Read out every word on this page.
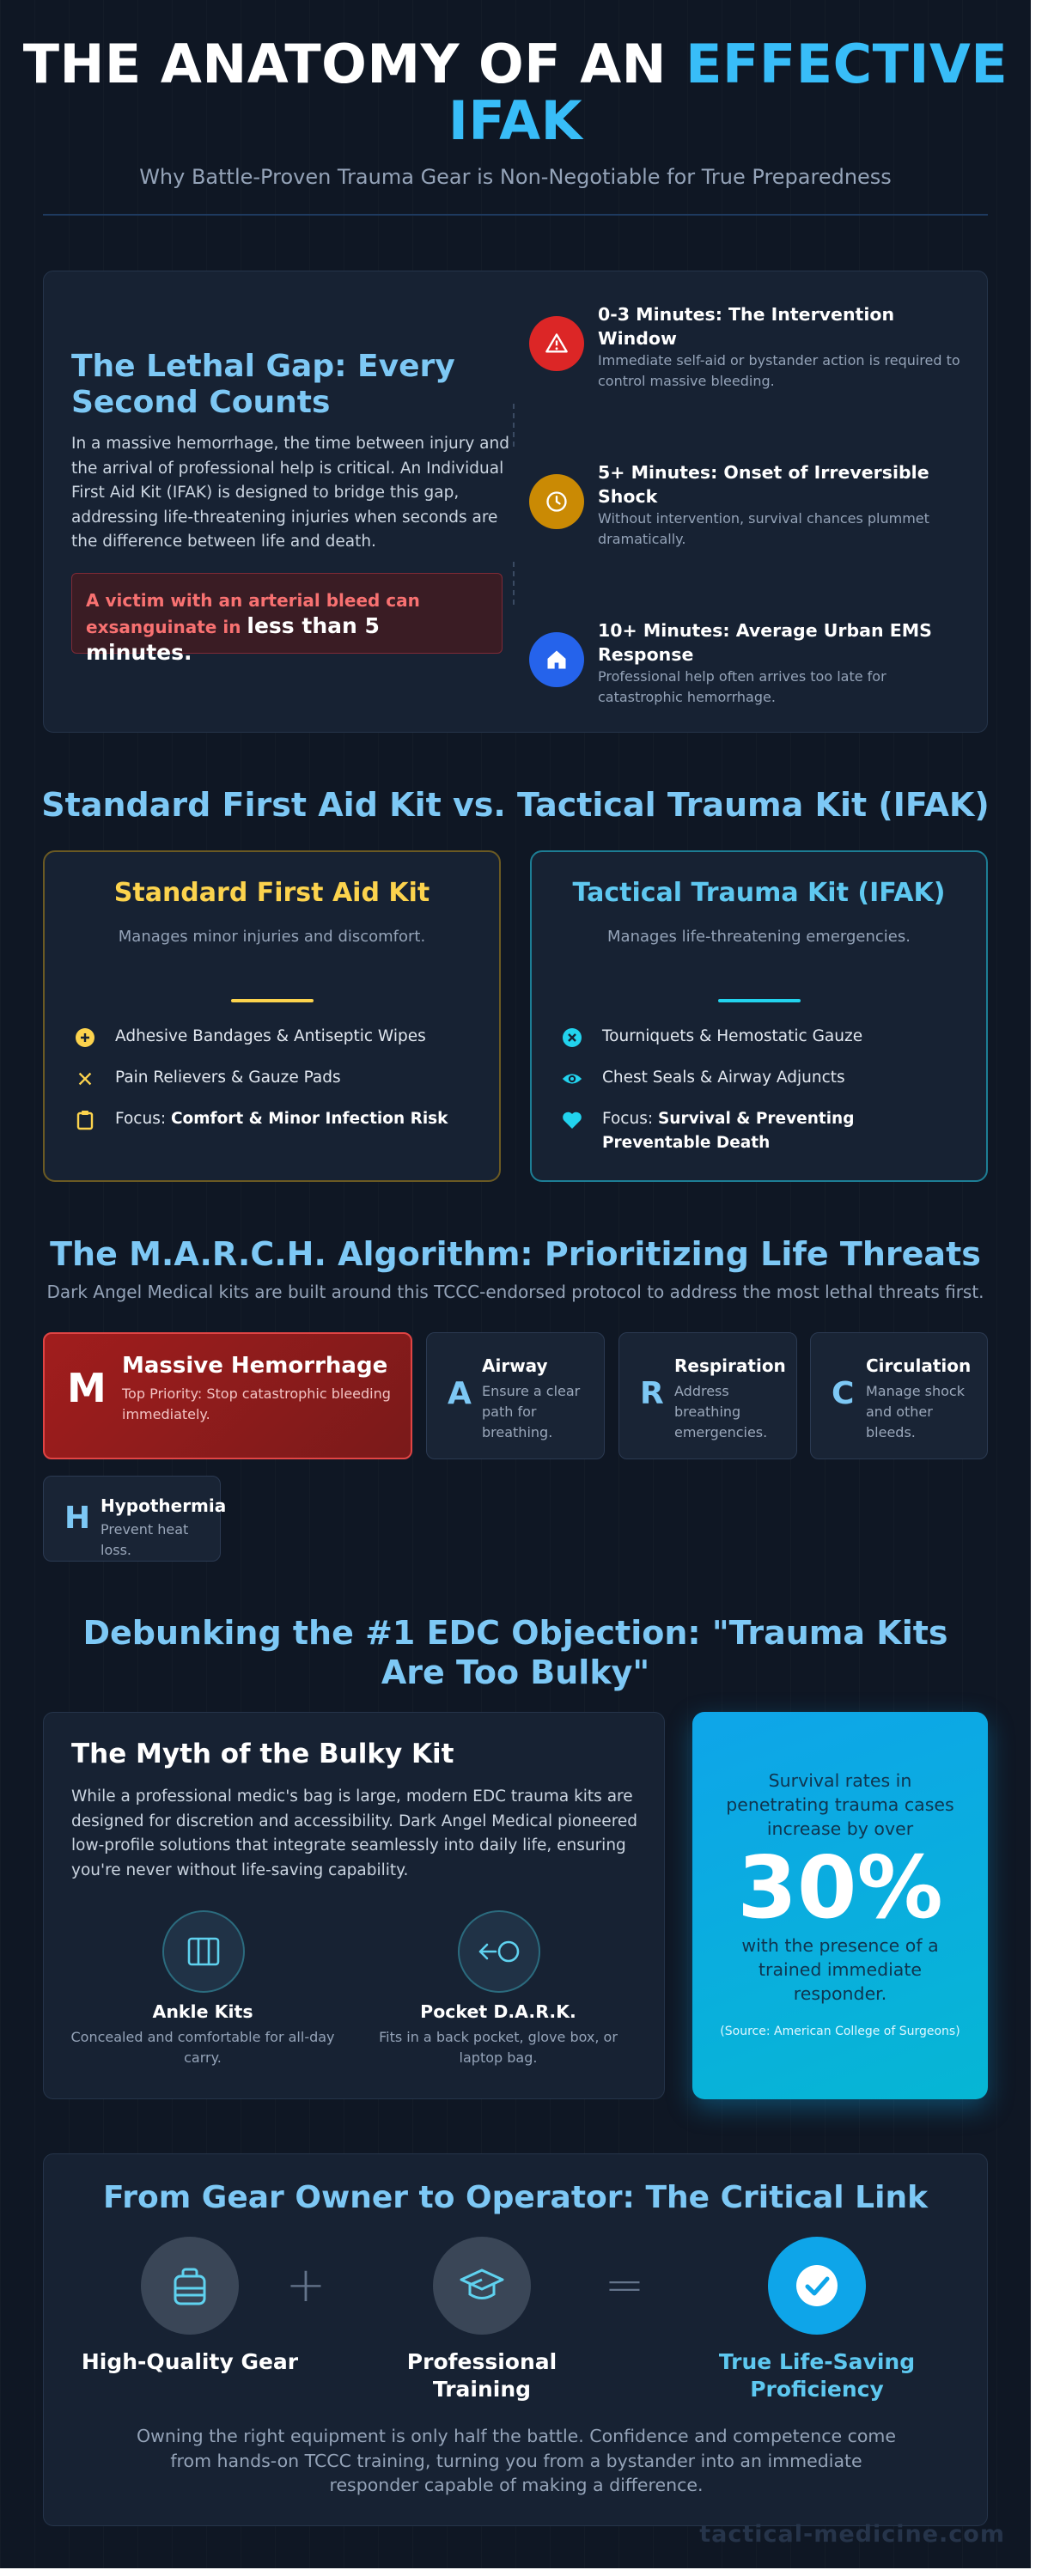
THE ANATOMY OF AN EFFECTIVE IFAK
Why Battle-Proven Trauma Gear is Non-Negotiable for True Preparedness
The Lethal Gap: Every Second Counts
In a massive hemorrhage, the time between injury and the arrival of professional help is critical. An Individual First Aid Kit (IFAK) is designed to bridge this gap, addressing life-threatening injuries when seconds are the difference between life and death.
A victim with an arterial bleed can exsanguinate in less than 5 minutes.
0-3 Minutes: The Intervention Window
Immediate self-aid or bystander action is required to control massive bleeding.
5+ Minutes: Onset of Irreversible Shock
Without intervention, survival chances plummet dramatically.
10+ Minutes: Average Urban EMS Response
Professional help often arrives too late for catastrophic hemorrhage.
Standard First Aid Kit vs. Tactical Trauma Kit (IFAK)
Standard First Aid Kit
Manages minor injuries and discomfort.
Adhesive Bandages & Antiseptic Wipes
Pain Relievers & Gauze Pads
Focus: Comfort & Minor Infection Risk
Tactical Trauma Kit (IFAK)
Manages life-threatening emergencies.
Tourniquets & Hemostatic Gauze
Chest Seals & Airway Adjuncts
Focus: Survival & Preventing Preventable Death
The M.A.R.C.H. Algorithm: Prioritizing Life Threats
Dark Angel Medical kits are built around this TCCC-endorsed protocol to address the most lethal threats first.
M Massive Hemorrhage
Top Priority: Stop catastrophic bleeding immediately.
A
Airway
Ensure a clear path for breathing.
R
Respiration
Address breathing emergencies.
C
Circulation
Manage shock and other bleeds.
H Hypothermia
Prevent heat loss.
Debunking the #1 EDC Objection: "Trauma Kits Are Too Bulky"
The Myth of the Bulky Kit
While a professional medic's bag is large, modern EDC trauma kits are designed for discretion and accessibility. Dark Angel Medical pioneered low-profile solutions that integrate seamlessly into daily life, ensuring you're never without life-saving capability.
Ankle Kits
Concealed and comfortable for all-day carry.
Pocket D.A.R.K.
Fits in a back pocket, glove box, or laptop bag.
Survival rates in penetrating trauma cases increase by over
30%
with the presence of a trained immediate responder.
(Source: American College of Surgeons)
From Gear Owner to Operator: The Critical Link
High-Quality Gear
+
Professional Training
=
True Life-Saving Proficiency
Owning the right equipment is only half the battle. Confidence and competence come from hands-on TCCC training, turning you from a bystander into an immediate responder capable of making a difference.
tactical-medicine.com
